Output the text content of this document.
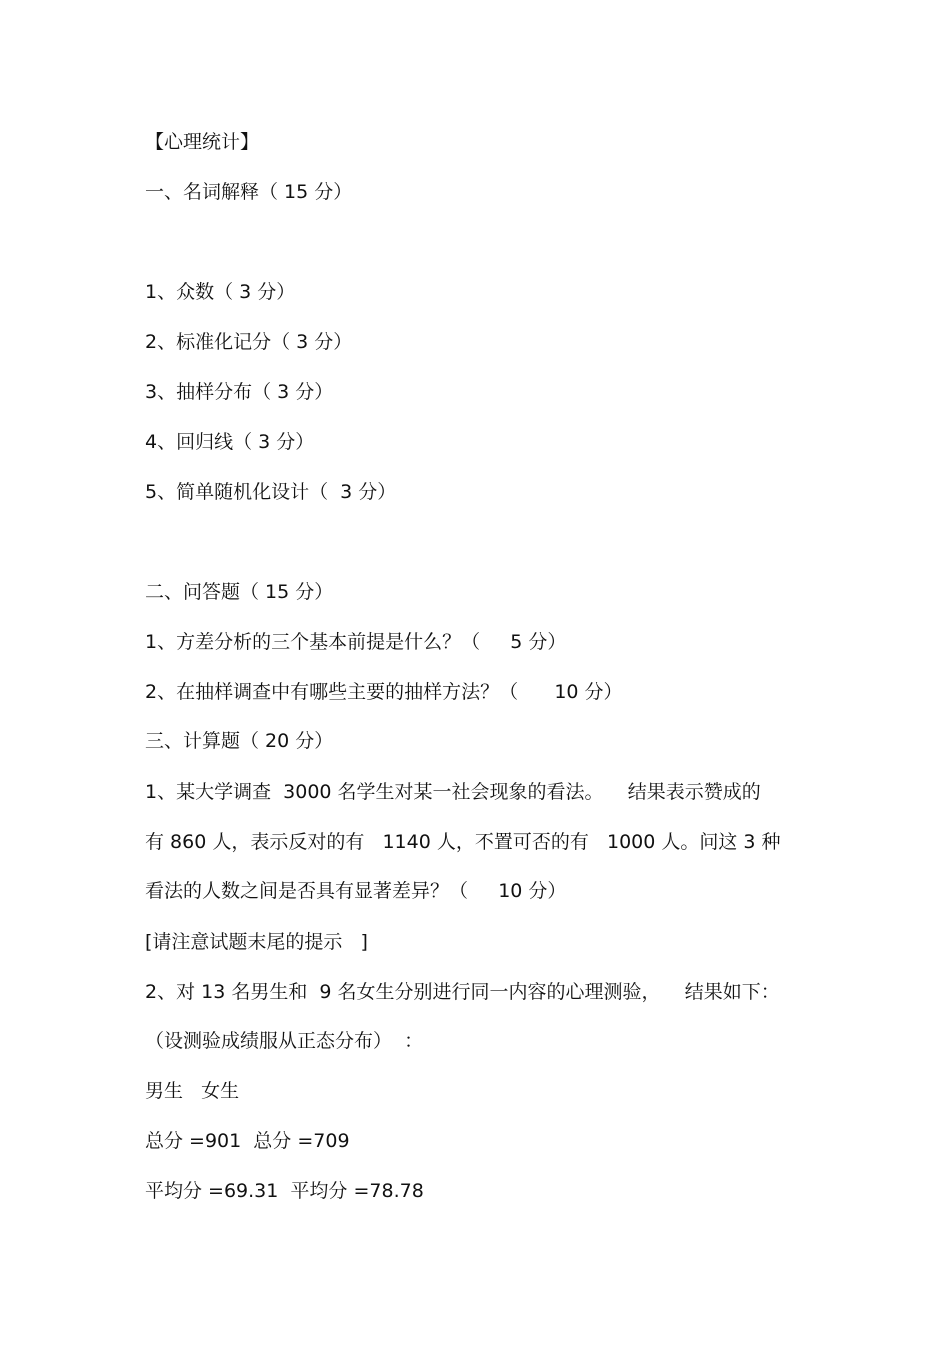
【心理统计】
一、名词解释（ 15 分）
1、众数（ 3 分）
2、标准化记分（ 3 分）
3、抽样分布（ 3 分）
4、回归线（ 3 分）
5、简单随机化设计（  3 分）
二、问答题（ 15 分）
1、方差分析的三个基本前提是什么？（     5 分）
2、在抽样调查中有哪些主要的抽样方法？（      10 分）
三、计算题（ 20 分）
1、某大学调查  3000 名学生对某一社会现象的看法。    结果表示赞成的
有 860 人，表示反对的有   1140 人，不置可否的有   1000 人。问这 3 种
看法的人数之间是否具有显著差异？（     10 分）
[请注意试题末尾的提示   ]
2、对 13 名男生和  9 名女生分别进行同一内容的心理测验，    结果如下：
（设测验成绩服从正态分布）  ：
男生   女生
总分 =901  总分 =709
平均分 =69.31  平均分 =78.78
